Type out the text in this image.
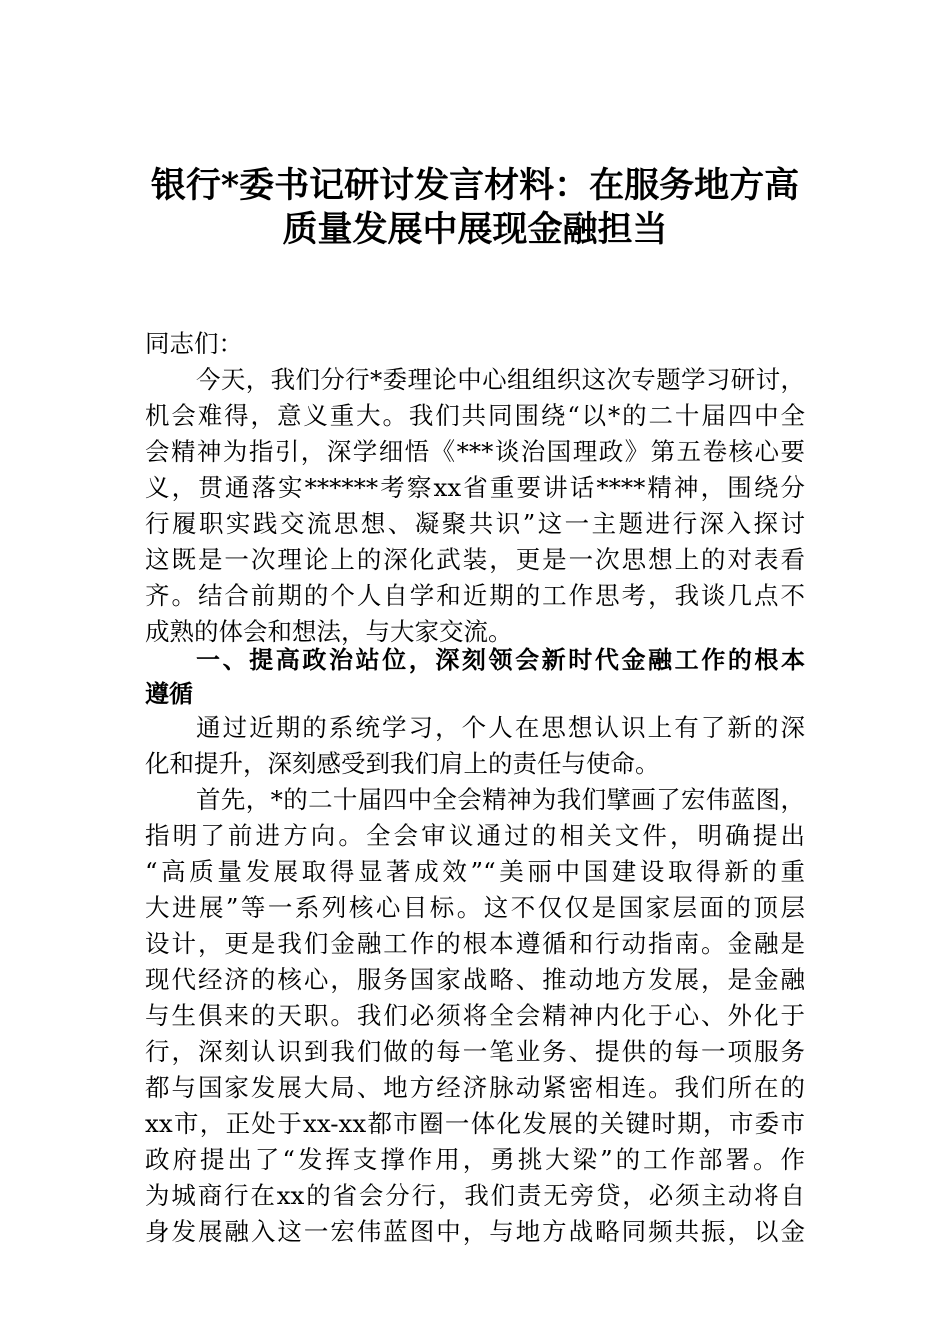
银行*委书记研讨发言材料：在服务地方高
质量发展中展现金融担当
同志们：
今天，我们分行*委理论中心组组织这次专题学习研讨，
机会难得，意义重大。我们共同围绕“以*的二十届四中全
会精神为指引，深学细悟《***谈治国理政》第五卷核心要
义，贯通落实******考察xx省重要讲话****精神，围绕分
行履职实践交流思想、凝聚共识”这一主题进行深入探讨
这既是一次理论上的深化武装，更是一次思想上的对表看
齐。结合前期的个人自学和近期的工作思考，我谈几点不
成熟的体会和想法，与大家交流。
一、提高政治站位，深刻领会新时代金融工作的根本
遵循
通过近期的系统学习，个人在思想认识上有了新的深
化和提升，深刻感受到我们肩上的责任与使命。
首先，*的二十届四中全会精神为我们擘画了宏伟蓝图，
指明了前进方向。全会审议通过的相关文件，明确提出
“高质量发展取得显著成效”“美丽中国建设取得新的重
大进展”等一系列核心目标。这不仅仅是国家层面的顶层
设计，更是我们金融工作的根本遵循和行动指南。金融是
现代经济的核心，服务国家战略、推动地方发展，是金融
与生俱来的天职。我们必须将全会精神内化于心、外化于
行，深刻认识到我们做的每一笔业务、提供的每一项服务
都与国家发展大局、地方经济脉动紧密相连。我们所在的
xx市，正处于xx-xx都市圈一体化发展的关键时期，市委市
政府提出了“发挥支撑作用，勇挑大梁”的工作部署。作
为城商行在xx的省会分行，我们责无旁贷，必须主动将自
身发展融入这一宏伟蓝图中，与地方战略同频共振，以金
